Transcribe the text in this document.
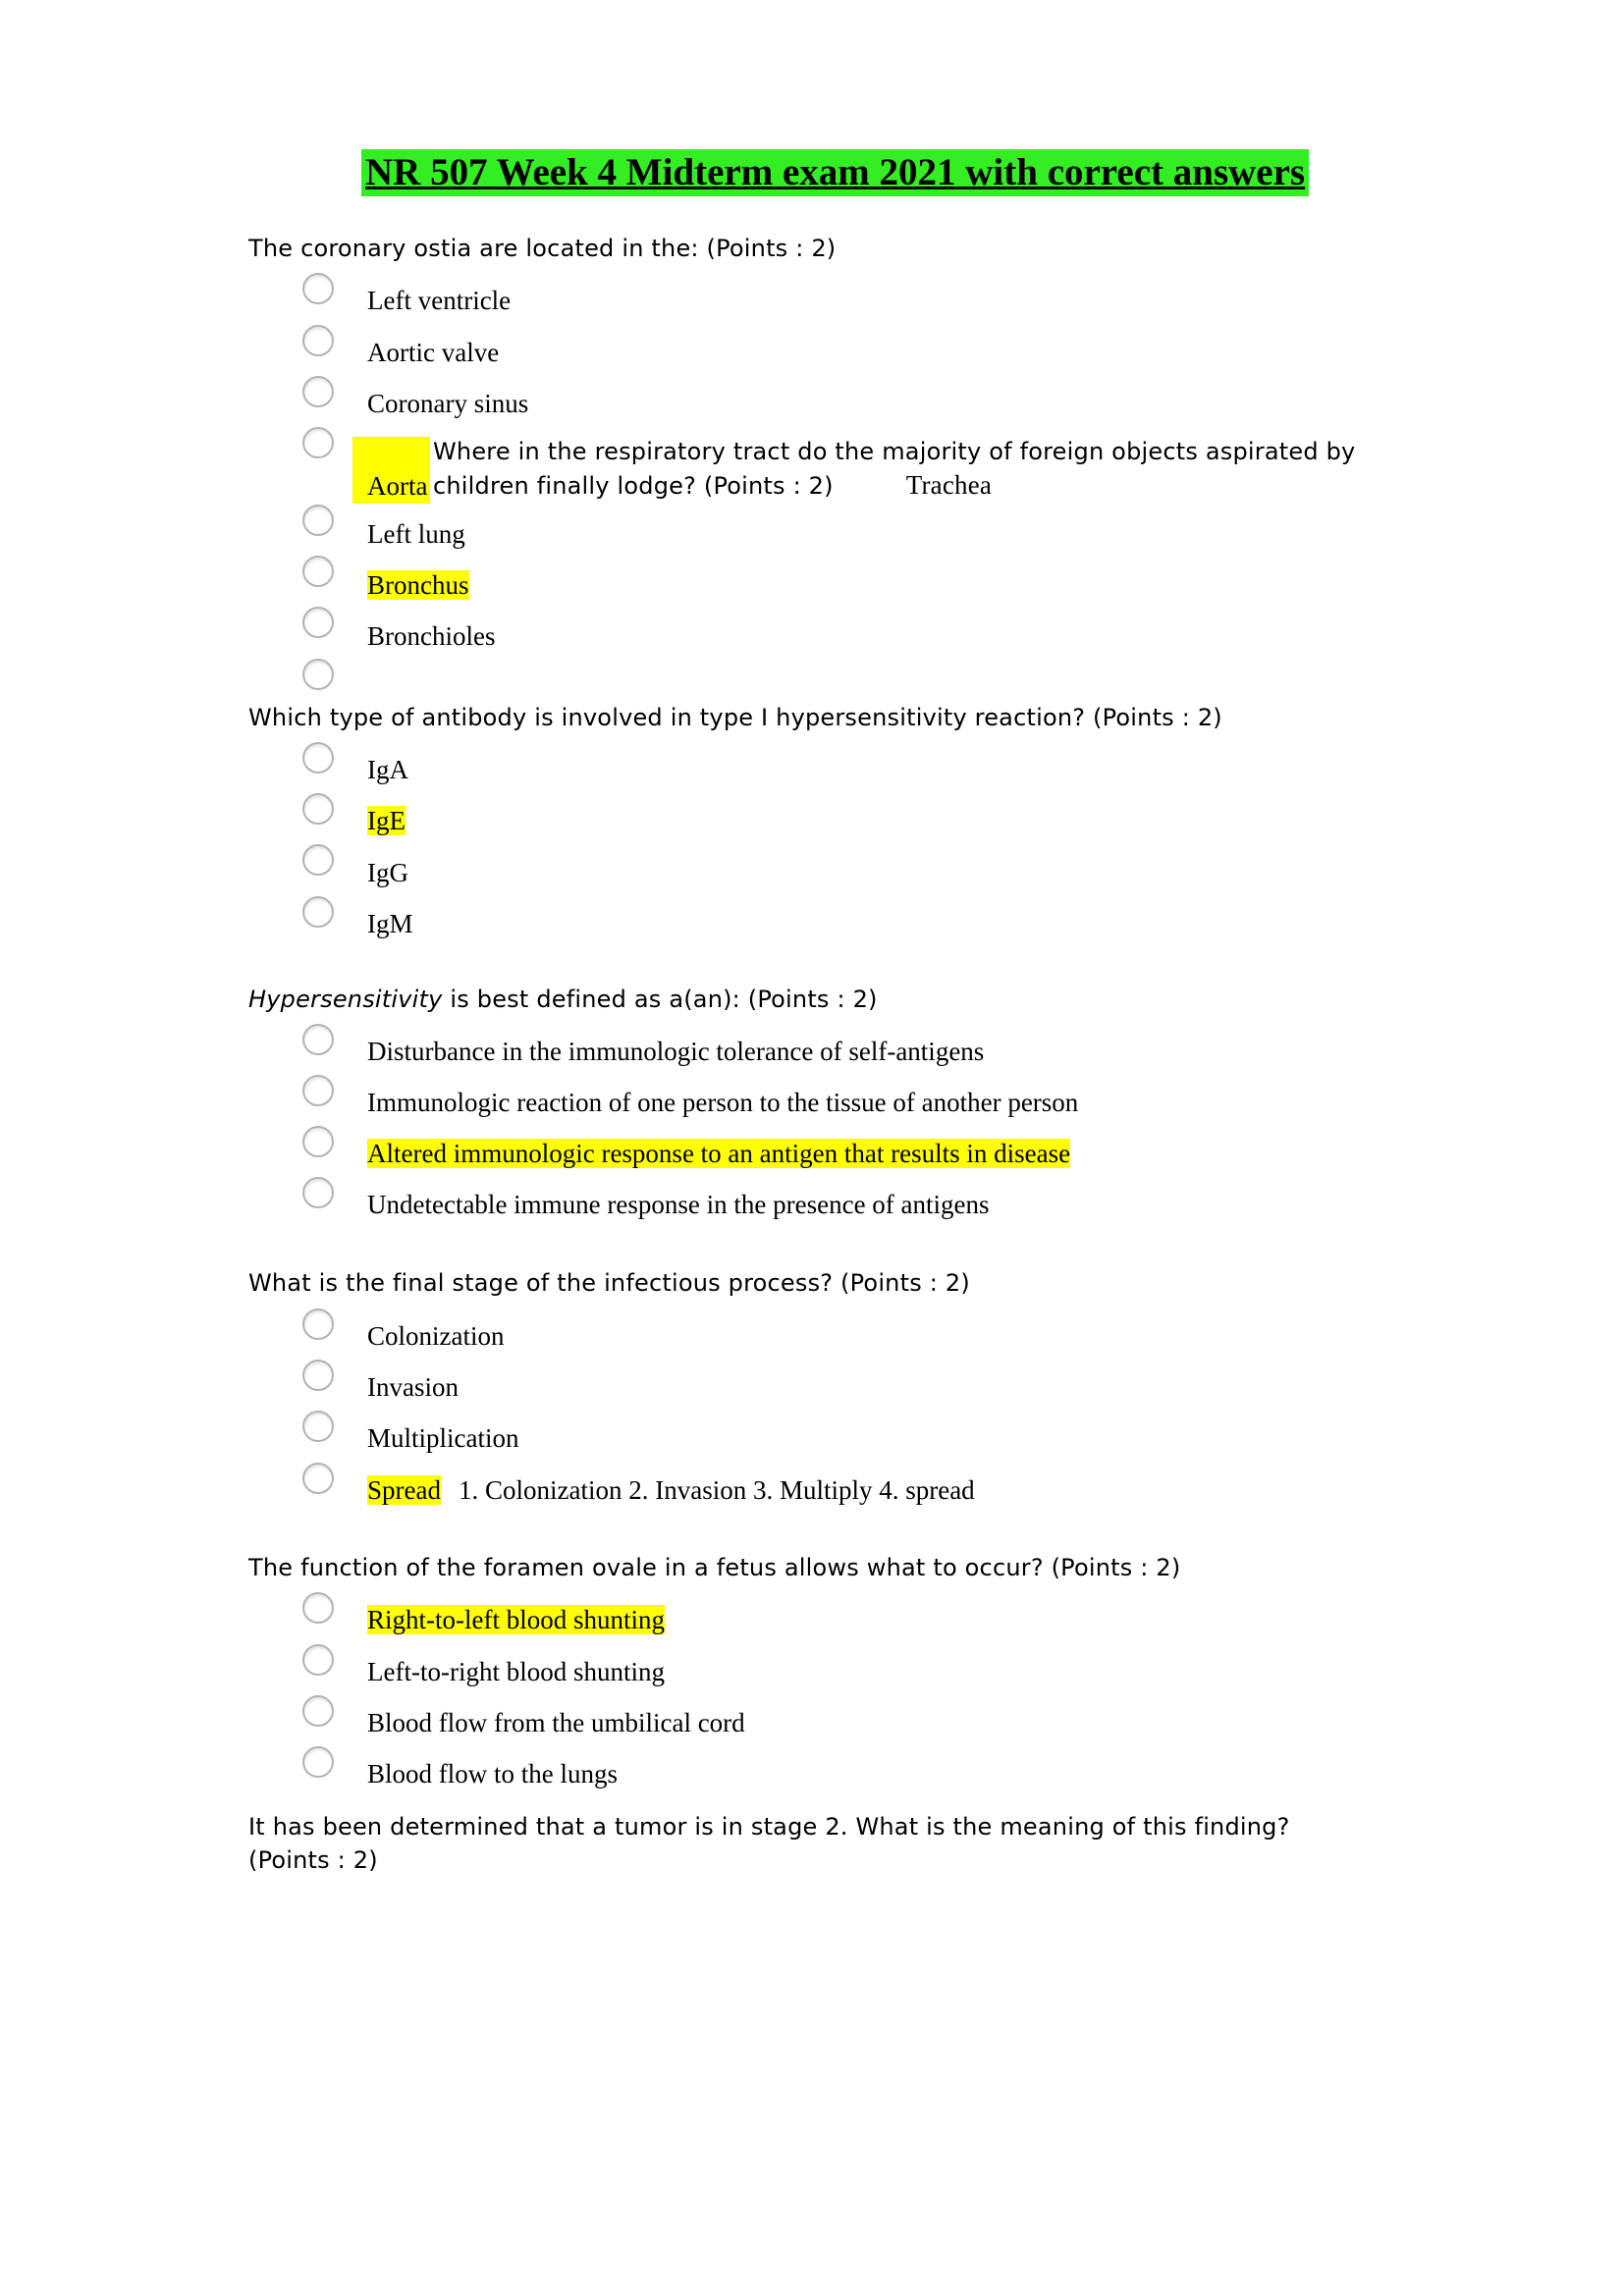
NR 507 Week 4 Midterm exam 2021 with correct answers
The coronary ostia are located in the: (Points : 2)
Left ventricle
Aortic valve
Coronary sinus
Aorta
Where in the respiratory tract do the majority of foreign objects aspirated by
children finally lodge? (Points : 2)	Trachea
Left lung
Bronchus
Bronchioles
Which type of antibody is involved in type I hypersensitivity reaction? (Points : 2)
IgA
IgE
IgG
IgM
Hypersensitivity is best defined as a(an): (Points : 2)
Disturbance in the immunologic tolerance of self-antigens
Immunologic reaction of one person to the tissue of another person
Altered immunologic response to an antigen that results in disease
Undetectable immune response in the presence of antigens
What is the final stage of the infectious process? (Points : 2)
Colonization
Invasion
Multiplication
Spread 1. Colonization 2. Invasion 3. Multiply 4. spread
The function of the foramen ovale in a fetus allows what to occur? (Points : 2)
Right-to-left blood shunting
Left-to-right blood shunting
Blood flow from the umbilical cord
Blood flow to the lungs
It has been determined that a tumor is in stage 2. What is the meaning of this finding?
(Points : 2)
